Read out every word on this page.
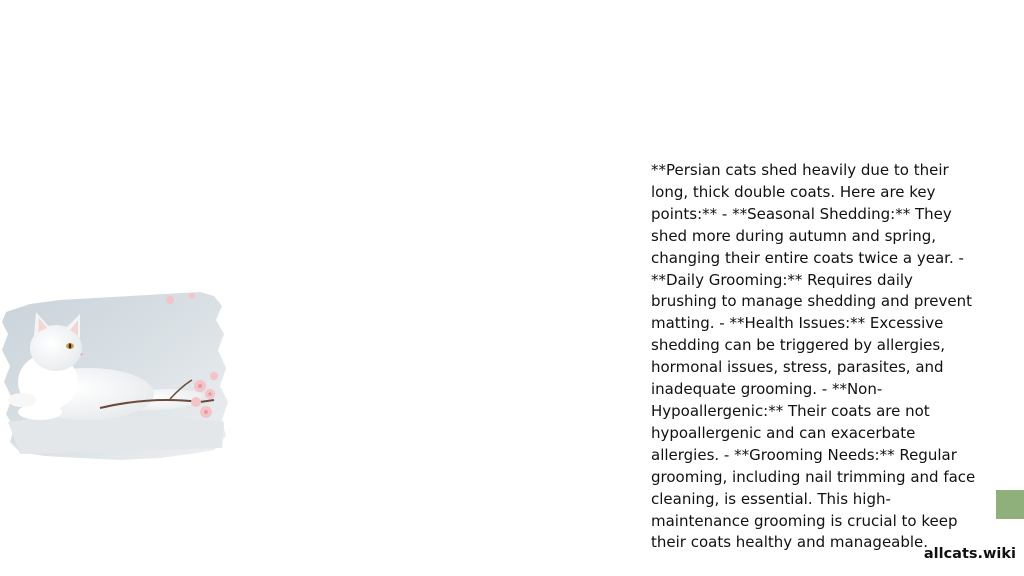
**Persian cats shed heavily due to their long, thick double coats. Here are key points:** - **Seasonal Shedding:** They shed more during autumn and spring, changing their entire coats twice a year. - **Daily Grooming:** Requires daily brushing to manage shedding and prevent matting. - **Health Issues:** Excessive shedding can be triggered by allergies, hormonal issues, stress, parasites, and inadequate grooming. - **Non-Hypoallergenic:** Their coats are not hypoallergenic and can exacerbate allergies. - **Grooming Needs:** Regular grooming, including nail trimming and face cleaning, is essential. This high-maintenance grooming is crucial to keep their coats healthy and manageable.

allcats.wiki
